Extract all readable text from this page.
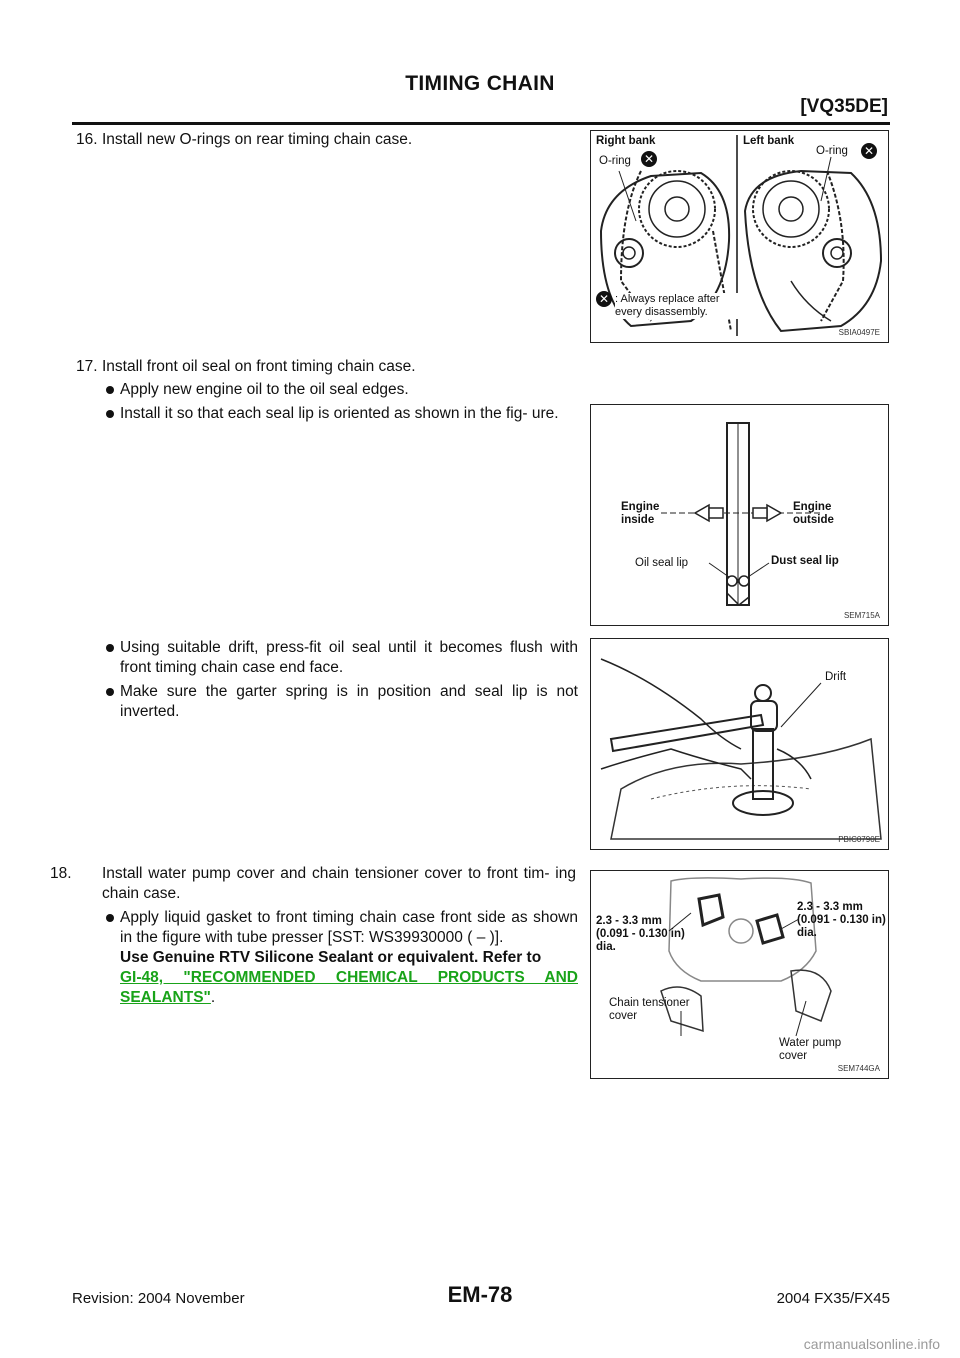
TIMING CHAIN
[VQ35DE]
16. Install new O-rings on rear timing chain case.	Right bank	Left bank
O-ring ✕
O-ring ✕
✕ : Always replace after every disassembly.
SBIA0497E
17. Install front oil seal on front timing chain case.
Apply new engine oil to the oil seal edges.
Install it so that each seal lip is oriented as shown in the fig- ure.
Engine inside
Engine outside
Oil seal lip	Dust seal lip
SEM715A
Using suitable drift, press-fit oil seal until it becomes flush with front timing chain case end face.
Make sure the garter spring is in position and seal lip is not inverted.
Drift
PBIC0790E
18. Install water pump cover and chain tensioner cover to front tim- ing chain case.
Apply liquid gasket to front timing chain case front side as shown in the figure with tube presser [SST: WS39930000 ( – )].
Use Genuine RTV Silicone Sealant or equivalent. Refer to
GI-48, "RECOMMENDED CHEMICAL PRODUCTS AND SEALANTS".
2.3 - 3.3 mm (0.091 - 0.130 in) dia.
2.3 - 3.3 mm (0.091 - 0.130 in) dia.
Chain tensioner cover
Water pump cover
SEM744GA
Revision: 2004 November	EM-78	2004 FX35/FX45
carmanualsonline.info
